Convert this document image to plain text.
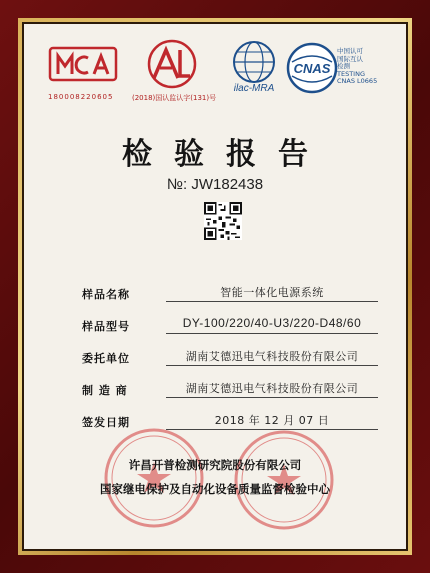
180008220605	(2018)国认监认字(131)号
ilac-MRA
CNAS
中国认可
国际互认
检测
TESTING
CNAS L0665
检验报告
№: JW182438
样品名称	智能一体化电源系统
样品型号	DY-100/220/40-U3/220-D48/60
委托单位	湖南艾德迅电气科技股份有限公司
制 造 商	湖南艾德迅电气科技股份有限公司
签发日期	2018 年 12 月 07 日
许昌开普检测研究院股份有限公司
国家继电保护及自动化设备质量监督检验中心
